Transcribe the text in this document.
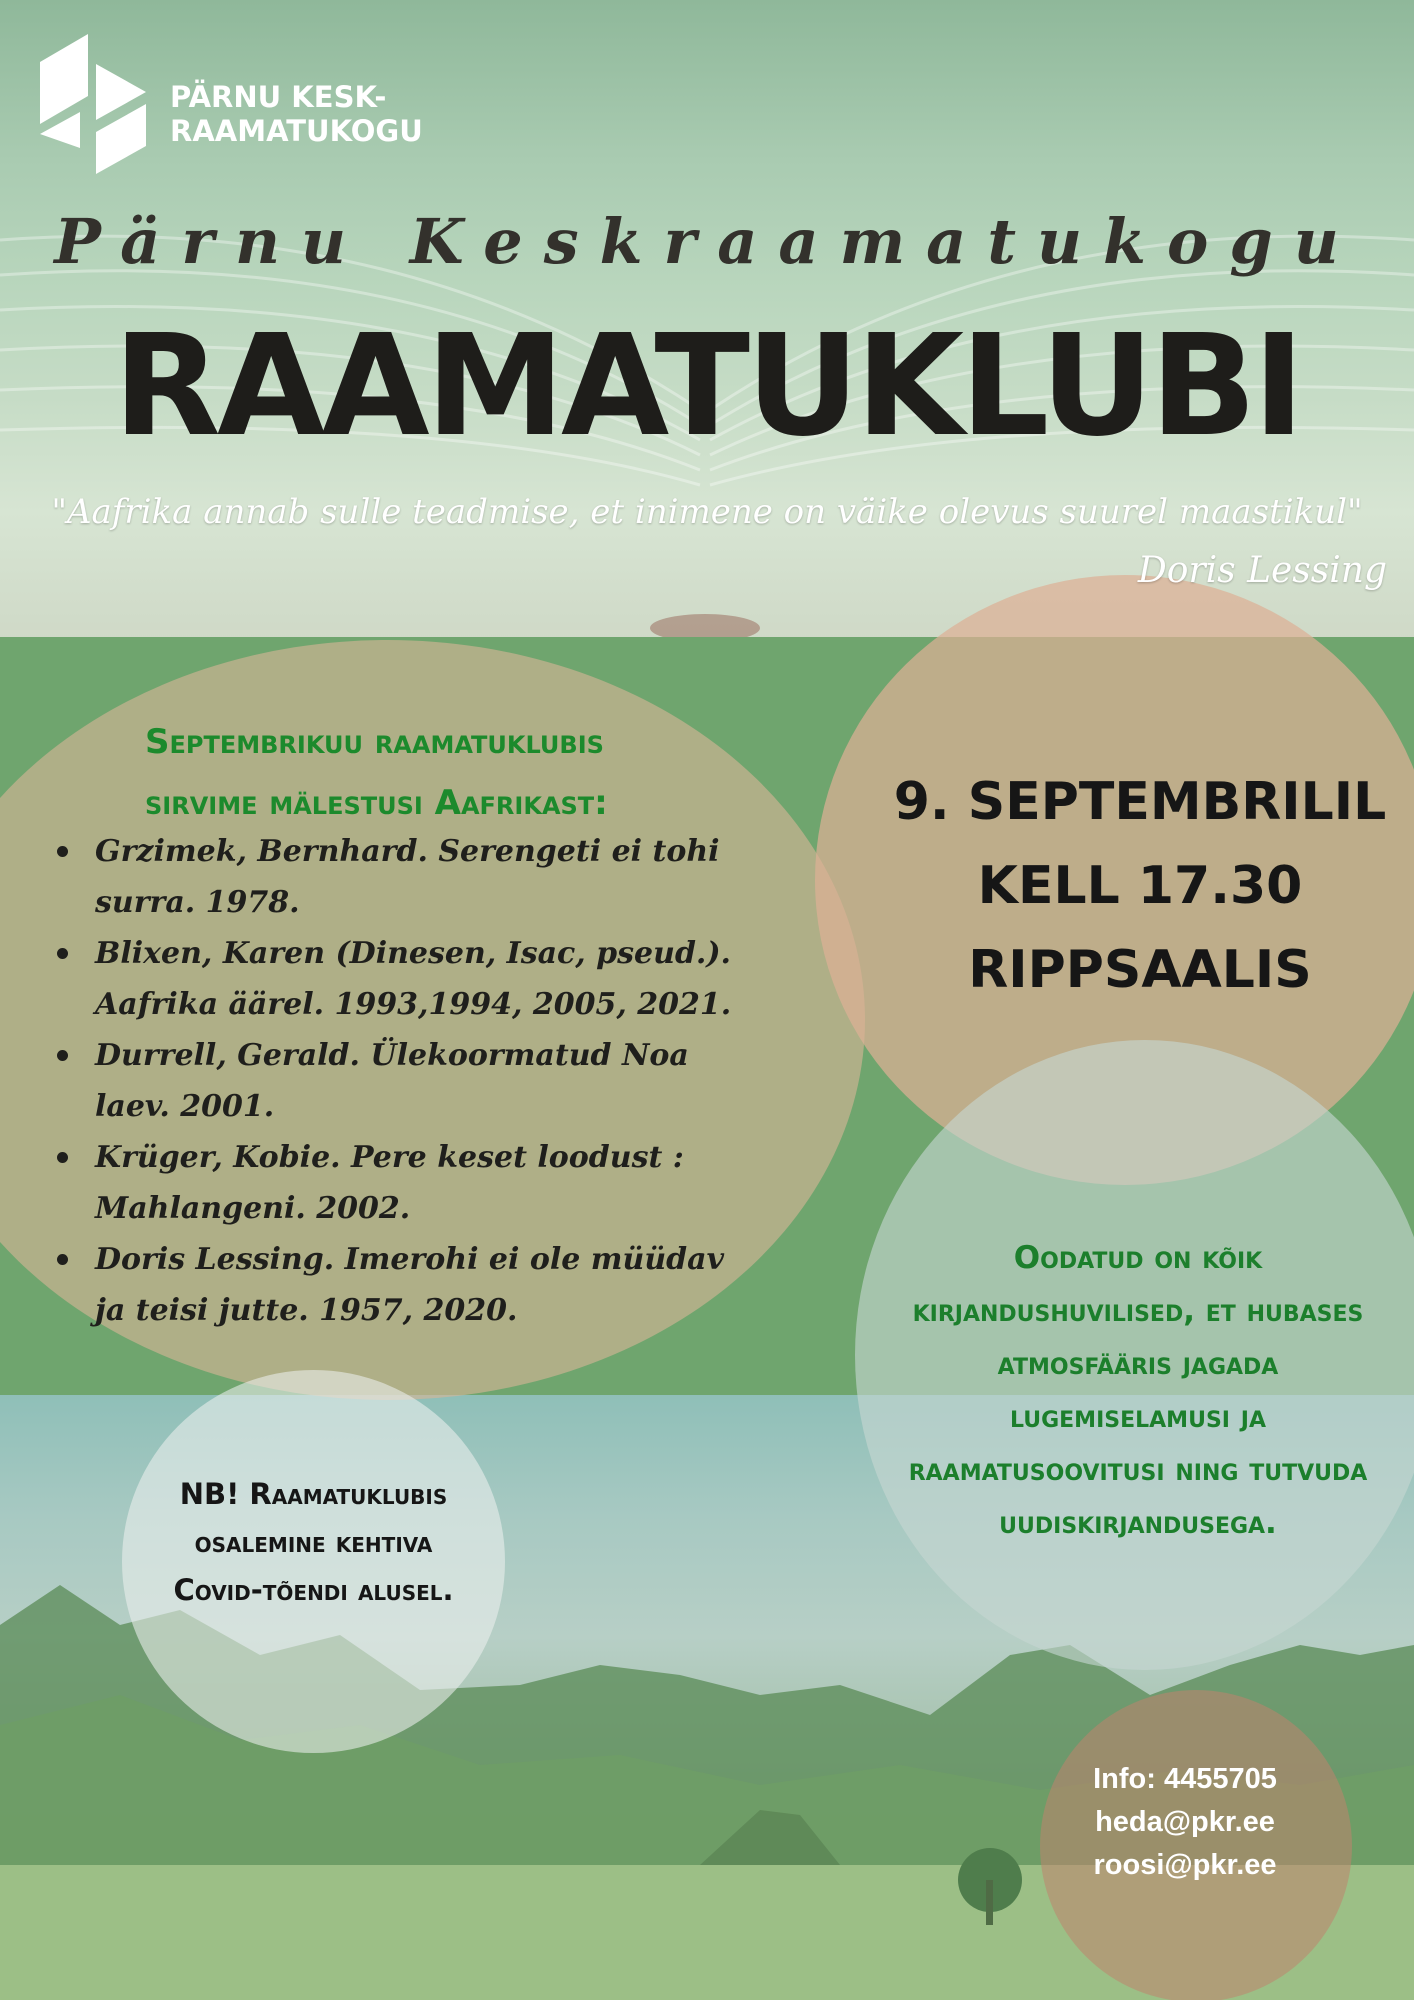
PÄRNU KESK-
RAAMATUKOGU
Pärnu Keskraamatukogu
RAAMATUKLUBI
"Aafrika annab sulle teadmise, et inimene on väike olevus suurel maastikul"
Doris Lessing
Septembrikuu raamatuklubis
sirvime mälestusi Aafrikast:
Grzimek, Bernhard. Serengeti ei tohi
surra. 1978.
Blixen, Karen (Dinesen, Isac, pseud.).
Aafrika äärel. 1993,1994, 2005, 2021.
Durrell, Gerald. Ülekoormatud Noa
laev. 2001.
Krüger, Kobie. Pere keset loodust :
Mahlangeni. 2002.
Doris Lessing. Imerohi ei ole müüdav
ja teisi jutte. 1957, 2020.
9. SEPTEMBRILIL
KELL 17.30
RIPPSAALIS
Oodatud on kõik
kirjandushuvilised, et hubases
atmosfääris jagada
lugemiselamusi ja
raamatusoovitusi ning tutvuda
uudiskirjandusega.
NB! Raamatuklubis
osalemine kehtiva
Covid-tõendi alusel.
Info: 4455705
heda@pkr.ee
roosi@pkr.ee
